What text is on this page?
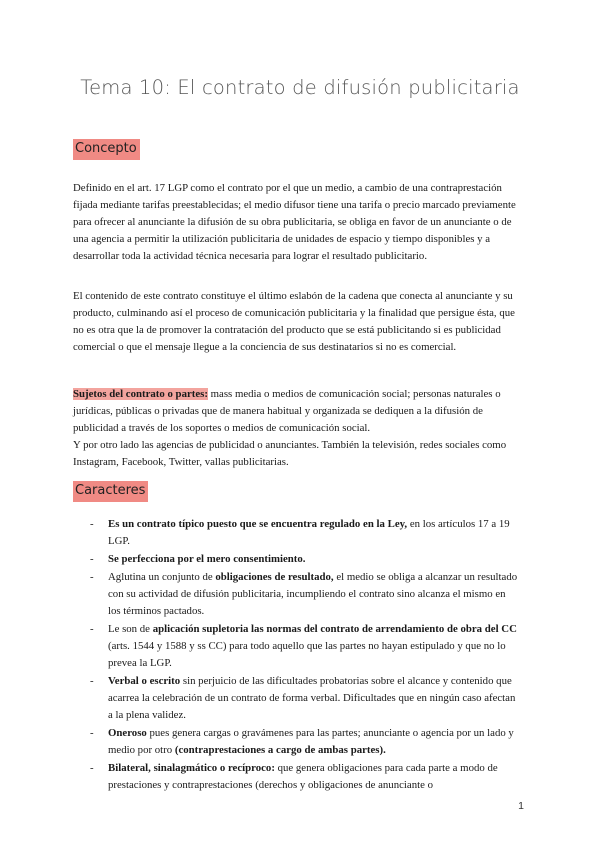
Tema 10: El contrato de difusión publicitaria
Concepto

Definido en el art. 17 LGP como el contrato por el que un medio, a cambio de una contraprestación fijada mediante tarifas preestablecidas; el medio difusor tiene una tarifa o precio marcado previamente para ofrecer al anunciante la difusión de su obra publicitaria, se obliga en favor de un anunciante o de una agencia a permitir la utilización publicitaria de unidades de espacio y tiempo disponibles y a desarrollar toda la actividad técnica necesaria para lograr el resultado publicitario.

El contenido de este contrato constituye el último eslabón de la cadena que conecta al anunciante y su producto, culminando así el proceso de comunicación publicitaria y la finalidad que persigue ésta, que no es otra que la de promover la contratación del producto que se está publicitando si es publicidad comercial o que el mensaje llegue a la conciencia de sus destinatarios si no es comercial.

Sujetos del contrato o partes: mass media o medios de comunicación social; personas naturales o jurídicas, públicas o privadas que de manera habitual y organizada se dediquen a la difusión de publicidad a través de los soportes o medios de comunicación social.
Y por otro lado las agencias de publicidad o anunciantes. También la televisión, redes sociales como Instagram, Facebook, Twitter, vallas publicitarias.

Caracteres
- Es un contrato típico puesto que se encuentra regulado en la Ley, en los artículos 17 a 19 LGP.
- Se perfecciona por el mero consentimiento.
- Aglutina un conjunto de obligaciones de resultado, el medio se obliga a alcanzar un resultado con su actividad de difusión publicitaria, incumpliendo el contrato sino alcanza el mismo en los términos pactados.
- Le son de aplicación supletoria las normas del contrato de arrendamiento de obra del CC (arts. 1544 y 1588 y ss CC) para todo aquello que las partes no hayan estipulado y que no lo prevea la LGP.
- Verbal o escrito sin perjuicio de las dificultades probatorias sobre el alcance y contenido que acarrea la celebración de un contrato de forma verbal. Dificultades que en ningún caso afectan a la plena validez.
- Oneroso pues genera cargas o gravámenes para las partes; anunciante o agencia por un lado y medio por otro (contraprestaciones a cargo de ambas partes).
- Bilateral, sinalagmático o recíproco: que genera obligaciones para cada parte a modo de prestaciones y contraprestaciones (derechos y obligaciones de anunciante o
1
